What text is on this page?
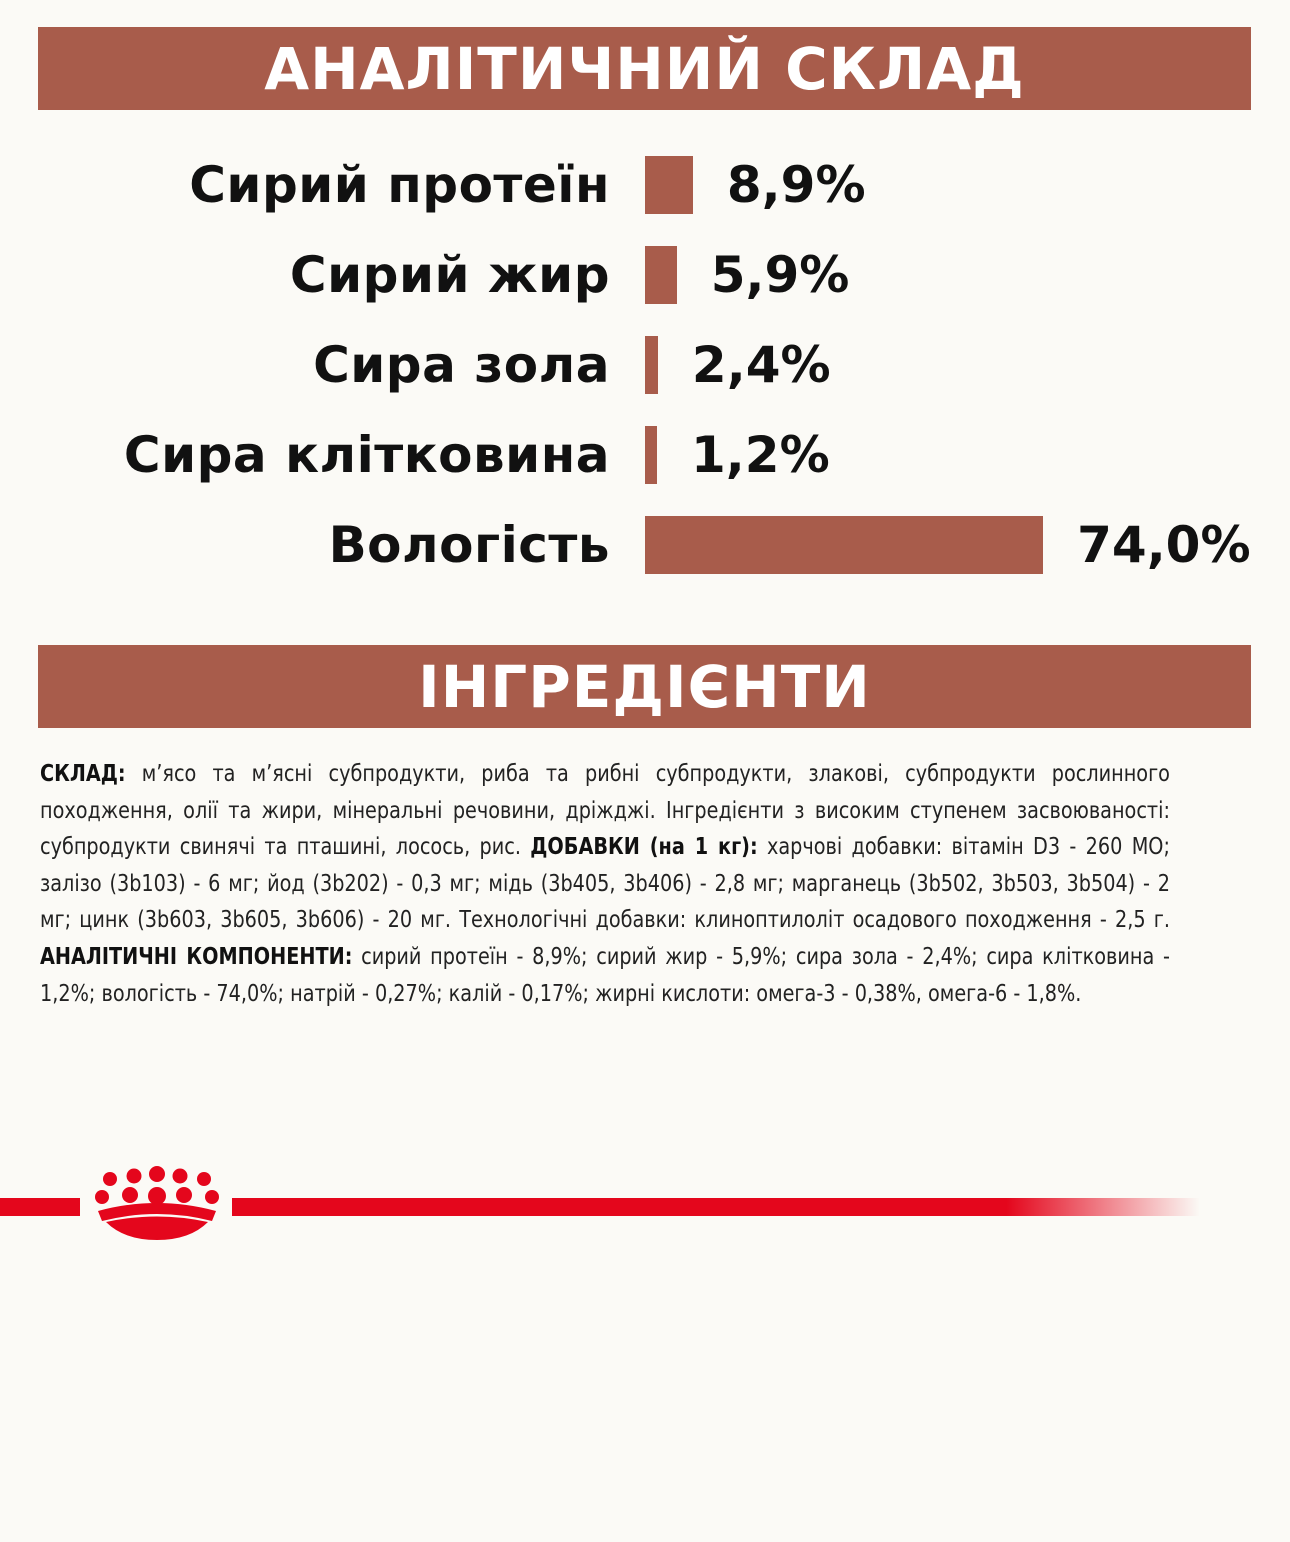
АНАЛІТИЧНИЙ СКЛАД
Сирий протеїн 8,9%
Сирий жир 5,9%
Сира зола 2,4%
Сира клітковина 1,2%
Вологість	74,0%
ІНГРЕДІЄНТИ

СКЛАД: м’ясо та м’ясні субпродукти, риба та рибні субпродукти, злакові, субпродукти рослинного походження, олії та жири, мінеральні речовини, дріжджі. Інгредієнти з високим ступенем засвоюваності: субпродукти свинячі та пташині, лосось, рис. ДОБАВКИ (на 1 кг): харчові добавки: вітамін D3 - 260 МО; залізо (3b103) - 6 мг; йод (3b202) - 0,3 мг; мідь (3b405, 3b406) - 2,8 мг; марганець (3b502, 3b503, 3b504) - 2 мг; цинк (3b603, 3b605, 3b606) - 20 мг. Технологічні добавки: клиноптилоліт осадового походження - 2,5 г. АНАЛІТИЧНІ КОМПОНЕНТИ: сирий протеїн - 8,9%; сирий жир - 5,9%; сира зола - 2,4%; сира клітковина - 1,2%; вологість - 74,0%; натрій - 0,27%; калій - 0,17%; жирні кислоти: омега-3 - 0,38%, омега-6 - 1,8%.
